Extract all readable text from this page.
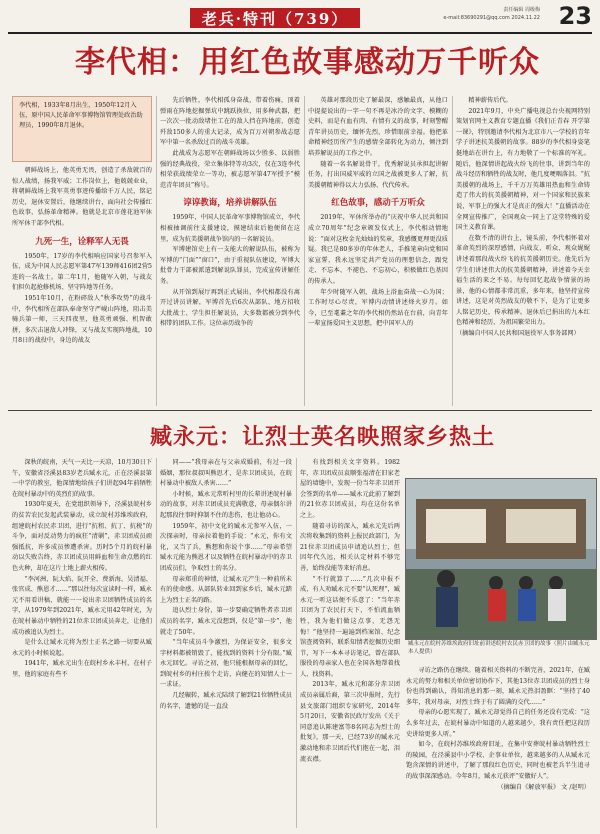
老兵·特刊（739）	责任编辑 周级梅
e-mail:83690291@qq.com 2024.11.22 23
李代相：用红色故事感动万千听众
李代相，1933年8月出生，1950年12月入伍，原中国人民革命军事博物馆管理处政治助理员，1990年8月退休。

朝鲜战场上，他英勇无畏，创造了杀敌就百的惊人战绩，扬我军威；工作岗位上，他兢兢业业，将朝鲜战场上我军英勇事迹传播给千万人民，铭记历史，退休安置后，他继续讲台，面向社会传播红色故事，弘扬革命精神。他就是北京市莲花池军休所军休干部李代相。

九死一生，诠释军人无畏

1950年，17岁的李代相响应国家号召参军入伍，成为中国人民志愿军第47军139师416团2营5连的一名战士。第二年1月，他随军入朝，与战友们担负起抢修机场、坚守阵地等任务。

1951年10月，在粉碎敌人“秋季攻势”的战斗中，李代相所在部队奉命坚守严岘山阵地，阻击美骑兵第一师，三天四夜里，他英勇顽强、机智敢拼，多次击退敌人冲锋，又与战友实现阵地战，10月8日的战役中，身边的战友

先后牺牲，李代相孤身奋战，带着伤痛，顶着弹雨在阵地挖掘弹坑中跳跃换位，用多种武器，把一次次一批动敌堵住工在的敌人挡在阵地前，创造歼敌150多人的重大记录，成为百万对朝参战志愿军中第一名杀敌过百的战斗英雄。

此战成为志愿军在朝鲜战场以少胜多、以弱胜强的经典战役，荣立集体特等功3次，仅在3连李代相荣获战绩荣立一等功，被志愿军第47军授予“模范青年团员”称号。

谆谆教诲，培养讲解队伍

1959年，中国人民革命军事博物馆成立，李代相被抽调前往支援建设，摸建结束后他便留在这里，成为抗美援朝战争馆内的一名解说员。

军博建馆史上有一支能大的解说队伍，被称为军博的“门面”“窗口”，由于重视队伍建设，军博大批骨力干部被派遣到解说队罪员，完成宣传讲解任务。

从开馆到展厅再到正式展出，李代相都没有离开过讲员讲解，军博首先后6次从部队、地方招收大批战士、学生担任解说员，大多数都被分到李代相带的团队工作。这位亲历战争的

英雄对那段历史了解最深，感触最真，从他口中提提说出的一字一句不再是冰冷的文字、模糊的史料，而是有血有肉、有情有义的故事，时刻警醒青年讲员历史，缅怀先烈，珍惜眼前幸福。他把革命精神经历所产生的感情全部转化为动力，倾注到培养解说员的工作之中。

随着一名名解说骨干，优秀解说员承担起讲解任务，打出国威军威的立国之战被更多人了解，抗美援朝精神得以大力弘扬、代代传承。

红色故事，感动千万听众

2019年，军休所举办的“庆祝中华人民共和国成立70周年”纪念章颁发仪式上，李代相动情地说：“面对这枚金光灿灿的奖章，我感慨更理更没质疑。我已是80多岁的年休老人，手推笔章向党和国家宣誓，我永远坚定共产党员的理想信念，跟党走、不忘本、不褪色、不忘初心，积极做红色基因的传承人。

年少时随军入朝，战场上浴血奋战一心为国；工作时尽心尽责，军博内动情讲述烽火岁月。如今，已至耄耋之年的李代相仍然站在台前，向青年一辈宣扬爱国主义思想，把中国军人的

精神薪传后代。

2021年9月，中央广播电视总台央视网特别策划官网主义教育专题直播《我们正青春 开学第一课》，特别邀请李代相为北京市八一学校的青年学子讲述抗美援朝的故事。88岁的李代相身姿笔挺地站在讲台上，有力地敬了一个标准的军礼。随后，他深情讲起战火纷飞的往事，讲到当年的战斗经历和牺牲的战友时，他几度哽咽落泪。“抗美援朝的战场上，千千万万英雄用热血和生命铸造了伟大的抗美援朝精神，对一个国家和民族来说，军事上的强大才是真正的强大！”直播活动在全网宣传推广，全国观众一同上了这堂特殊的爱国主义教育课。

在数不清的讲台上，镜头前，李代相怀着对革命英烈的深厚感情，向战友、听众、观众娓娓讲述着那段战火纷飞的抗美援朝历史。他先后为学生们讲述伟大的抗美援朝精神，讲述着今天幸福生活的来之不易。每每回忆起战争情景的场景，他的心情都非常沉重，多年来，他坚持宣传讲述，这是对英烈战友的敬不下，是为了让更多人铭记历史，传承精神。退休后已捐出的九本红色精神和经历，为祖国繁荣出力。

（摘编自中国人民共和国退役军人事务部网）

臧永元：让烈士英名映照家乡热土

深秋的皖南，天气一天比一天凉，10月30日下午，安徽省泾溪县83岁老兵臧永元，正在泾溪县第一中学的教室，他深情地给孩子们讲起94年前牺牲在皖村暴动中的英烈们的故事。

1930年夏天，在党组织领导下，泾溪县皖村乡的贫苦农民发起武装暴动，成立皖村苏维埃政府，组建皖村农民赤卫团，进行“抗租、抗丁、抗税”的斗争，面对反动势力的疯狂“清剿”，赤卫团成员顽强抵抗，许多成员惨遭杀害。历时5个月的皖村暴动以失败告终，赤卫团成员用鲜血和生命点燃的红色火种，却在这片土地上薪火相传。

“李河洲、阮大焰、阮开全、费新海、吴清福、张官成、熊恩才……”那以往每次宣读时一样，臧永元不用看讲稿，就能一一说出赤卫团牺牲成员的名字，从1979年到2021年，臧永元用42年时光，为在皖村暴动中牺牲的21位赤卫团成员奔走，让他们成功被追认为烈士。

是什么让臧永元将为烈士正名之路一切要从臧永元的小时候说起。

1941年，臧永元出生在皖村乡永丰村，在村子里，他的家庭有些不

同——“我母亲在与父亲成婚前，有过一段婚姻，那位叔叔叫熊思才，是赤卫团成员，在皖村暴动中被敌人杀害……”

小时候，臧永元常听村里的长辈讲述皖村暴动的故事，对赤卫团成员充满敬意，母亲偶尔讲起那段往事时抑制不住的悲伤，也让他动心。

1959年，初中文化的臧永元参军入伍，一次探亲时，母亲拉着他的手说：“永元，你有文化，又当了兵，熊想和你说个事……”母亲希望臧永元能为熊恩才以及牺牲在皖村暴动中的赤卫团成员们，争取烈士的名分。

母亲郑重的神情，让臧永元产生一种前所未有的使命感。从部队转业回到家乡后，臧永元踏上为烈士正名的路。

追认烈士身份，第一步要确定牺牲者赤卫团成员的名字，臧永元没想到，仅是“第一步”，他就走了50年。

“当年成员斗争激烈，为保证安全，很多文字材料都被销毁了，能找到的资料十分有限。”臧永元回忆。寻访之初，他只能根据母亲的回忆，到皖村乡的村庄挨个走访，向健在的知情人士一一求证。

几经辗转，臧永元陆续了解到21位牺牲成员的名字，遗憾的是一直没

有找到相关文字资料。1982年，赤卫团成员袁顺张福清在旧家老屋的墙缝中，发现一份当年赤卫团开会签到的名单——臧永元此前了解到的21位赤卫团成员，均在这份名单之上。

随着寻访的深入，臧永元先后两次将收集到的资料上报民政部门，为21位赤卫团成员申请追认烈士，但因年代久远，相关认定材料不够完善，始终没能等来好消息。

“不行就算了……”几次申报不成，有人劝臧永元不要“认死理”，臧永元一听这话便不乐意了：“当年赤卫团为了农民打天下，不怕流血牺牲，我为他们做这点事，无怨无悔！”他坚持一遍遍到档案馆、纪念馆查阅资料，联系知情者挖掘历史细节，写下一本本寻访笔记，曾在部队服役的母亲家人也在全国各地帮着找人、找资料。

2013年，臧永元和部分赤卫团成员亲属后裔，第三次申报时，先行县文旅部门组织专家研究，2014年5月20日，安徽省民政厅发出《关于同意追认陈建富等8名同志为烈士的批复》，那一天，已经73岁的臧永元激动地和赤卫团后代们抱在一起，泪流衣襟。

臧永元在皖村苏维埃政府旧址前讲述皖村农民赤卫团的故事（照片由臧永元本人提供）

寻访之路仍在继续。随着相关资料的不断完善，2021年，在臧永元的努力和相关单位密切协作下，其他13位赤卫团成员的烈士身份也得到确认，得知消息的那一刻，臧永元热泪盈眶：“坚持了40多年，我对母亲，对烈士终于有了圆满的交代……”

母亲的心愿实现了，臧永元却觉得自己的任务还没有完成：“这么多年过去，在皖村暴动中知道的人越来越少，我有责任把这段历史讲给更多人听。”

如今，在皖村苏维埃政府旧址，在集中安葬皖村暴动牺牲烈士的陵园，在泾溪县中小学校、企事业单位，越来越多的人从臧永元饱含深情的讲述中，了解了那段红色历史，同时也被老兵半生追寻的故事深深感动。今年8月，臧永元获评“安徽好人”。

（摘编自《解放军报》 文 /赵明）
